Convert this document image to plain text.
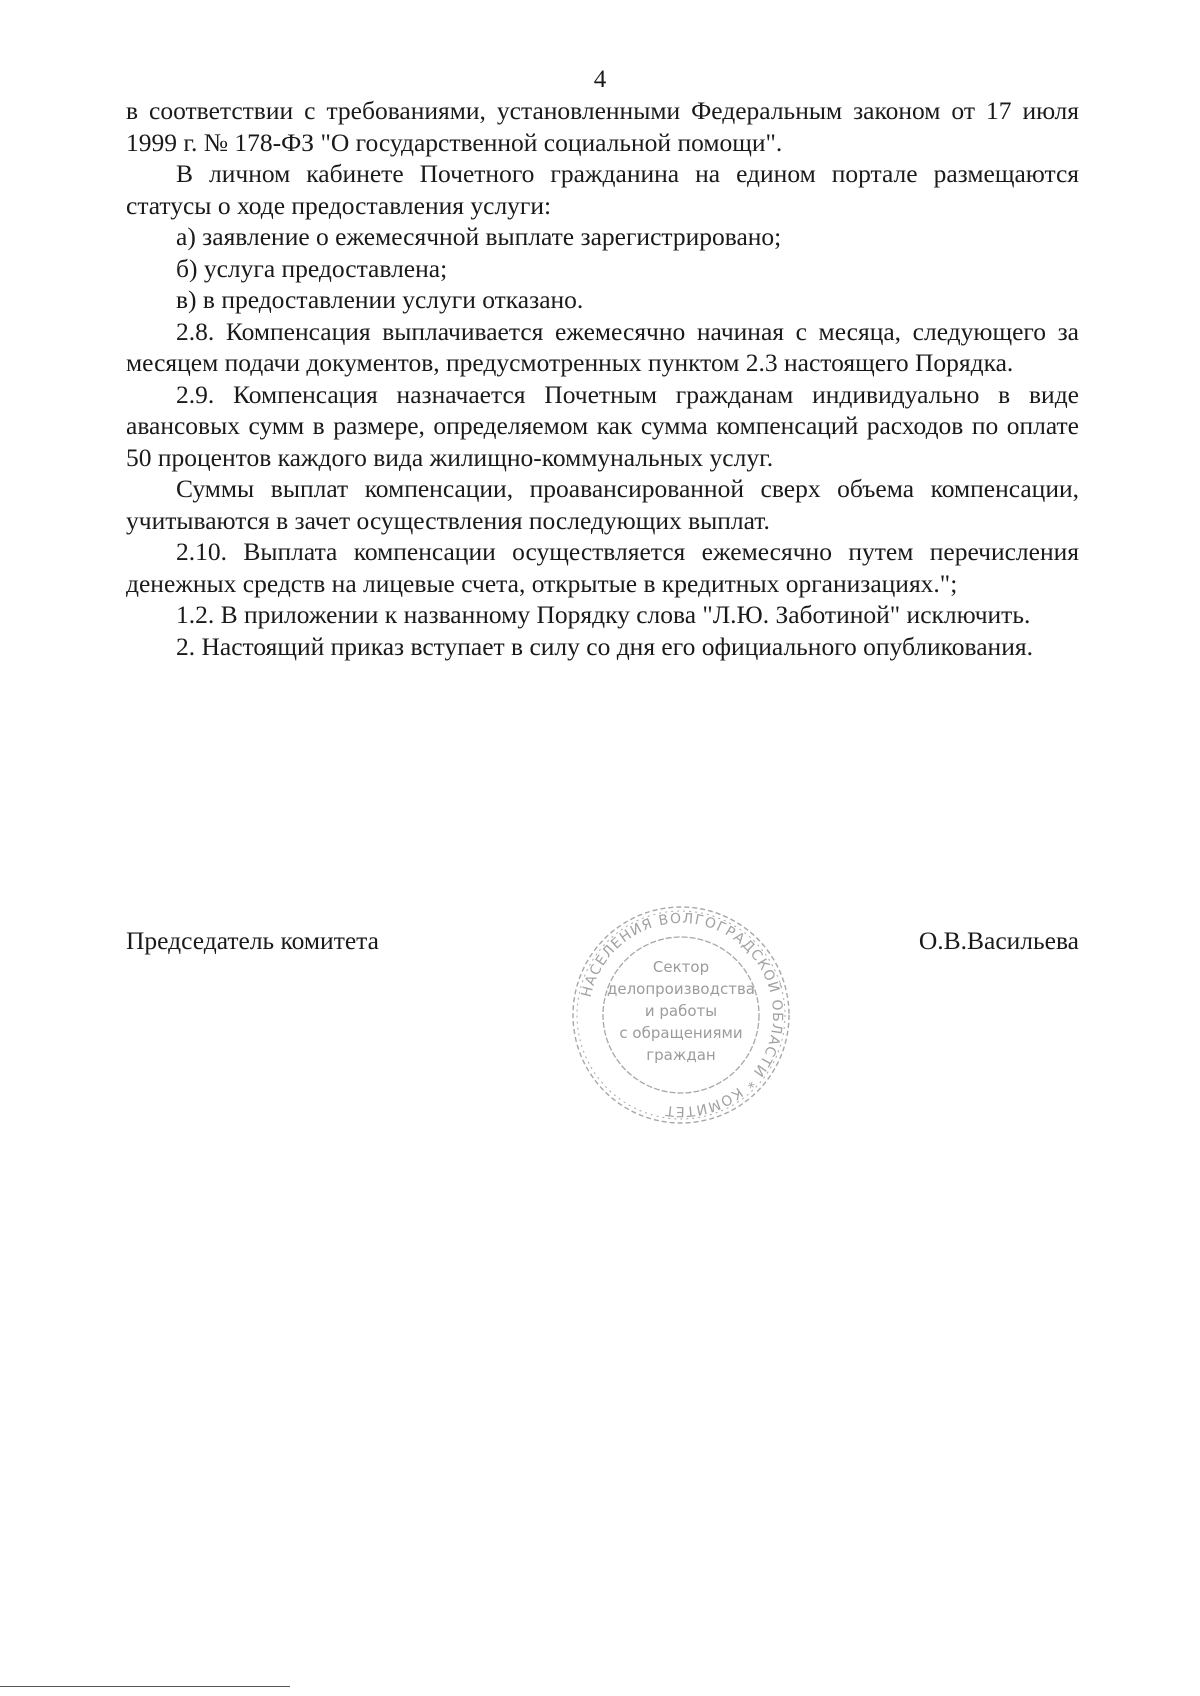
4

в соответствии с требованиями, установленными Федеральным законом от 17 июля 1999 г. № 178-ФЗ "О государственной социальной помощи".

В личном кабинете Почетного гражданина на едином портале размещаются статусы о ходе предоставления услуги:

а) заявление о ежемесячной выплате зарегистрировано;

б) услуга предоставлена;

в) в предоставлении услуги отказано.

2.8. Компенсация выплачивается ежемесячно начиная с месяца, следующего за месяцем подачи документов, предусмотренных пунктом 2.3 настоящего Порядка.

2.9. Компенсация назначается Почетным гражданам индивидуально в виде авансовых сумм в размере, определяемом как сумма компенсаций расходов по оплате 50 процентов каждого вида жилищно-коммунальных услуг.

Суммы выплат компенсации, проавансированной сверх объема компенсации, учитываются в зачет осуществления последующих выплат.

2.10. Выплата компенсации осуществляется ежемесячно путем перечисления денежных средств на лицевые счета, открытые в кредитных организациях.";

1.2. В приложении к названному Порядку слова "Л.Ю. Заботиной" исключить.

2. Настоящий приказ вступает в силу со дня его официального опубликования.

Председатель комитета	О.В.Васильева
НАСЕЛЕНИЯ ВОЛГОГРАДСКОЙ ОБЛАСТИ * КОМИТЕТ
Сектор
делопроизводства
и работы
с обращениями
граждан
